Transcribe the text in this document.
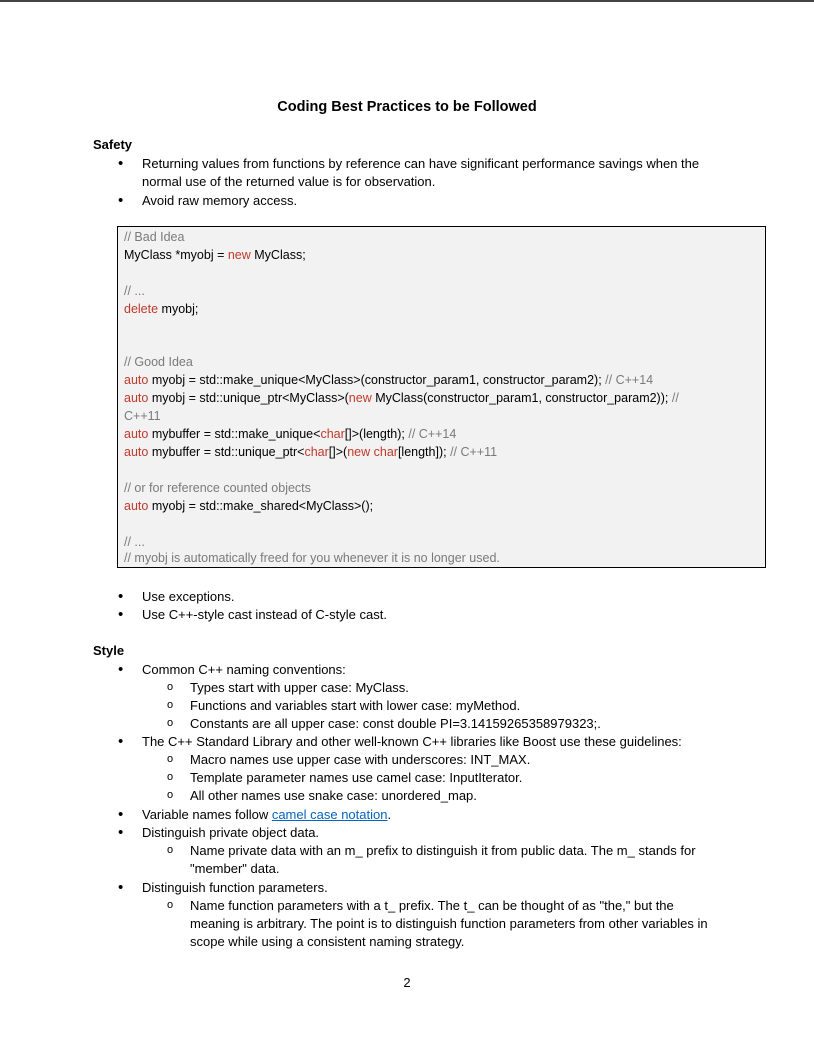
Coding Best Practices to be Followed
Safety
• Returning values from functions by reference can have significant performance savings when the normal use of the returned value is for observation.
• Avoid raw memory access.
// Bad Idea
MyClass *myobj = new MyClass;
// ...
delete myobj;
// Good Idea
auto myobj = std::make_unique<MyClass>(constructor_param1, constructor_param2); // C++14
auto myobj = std::unique_ptr<MyClass>(new MyClass(constructor_param1, constructor_param2)); //
C++11
auto mybuffer = std::make_unique<char[]>(length); // C++14
auto mybuffer = std::unique_ptr<char[]>(new char[length]); // C++11
// or for reference counted objects
auto myobj = std::make_shared<MyClass>();
// ...
// myobj is automatically freed for you whenever it is no longer used.
• Use exceptions.
• Use C++-style cast instead of C-style cast.
Style
• Common C++ naming conventions:
o Types start with upper case: MyClass.
o Functions and variables start with lower case: myMethod.
o Constants are all upper case: const double PI=3.14159265358979323;.
• The C++ Standard Library and other well-known C++ libraries like Boost use these guidelines:
o Macro names use upper case with underscores: INT_MAX.
o Template parameter names use camel case: InputIterator.
o All other names use snake case: unordered_map.
• Variable names follow camel case notation.
• Distinguish private object data.
o Name private data with an m_ prefix to distinguish it from public data. The m_ stands for "member" data.
• Distinguish function parameters.
o Name function parameters with a t_ prefix. The t_ can be thought of as "the," but the meaning is arbitrary. The point is to distinguish function parameters from other variables in scope while using a consistent naming strategy.
2
